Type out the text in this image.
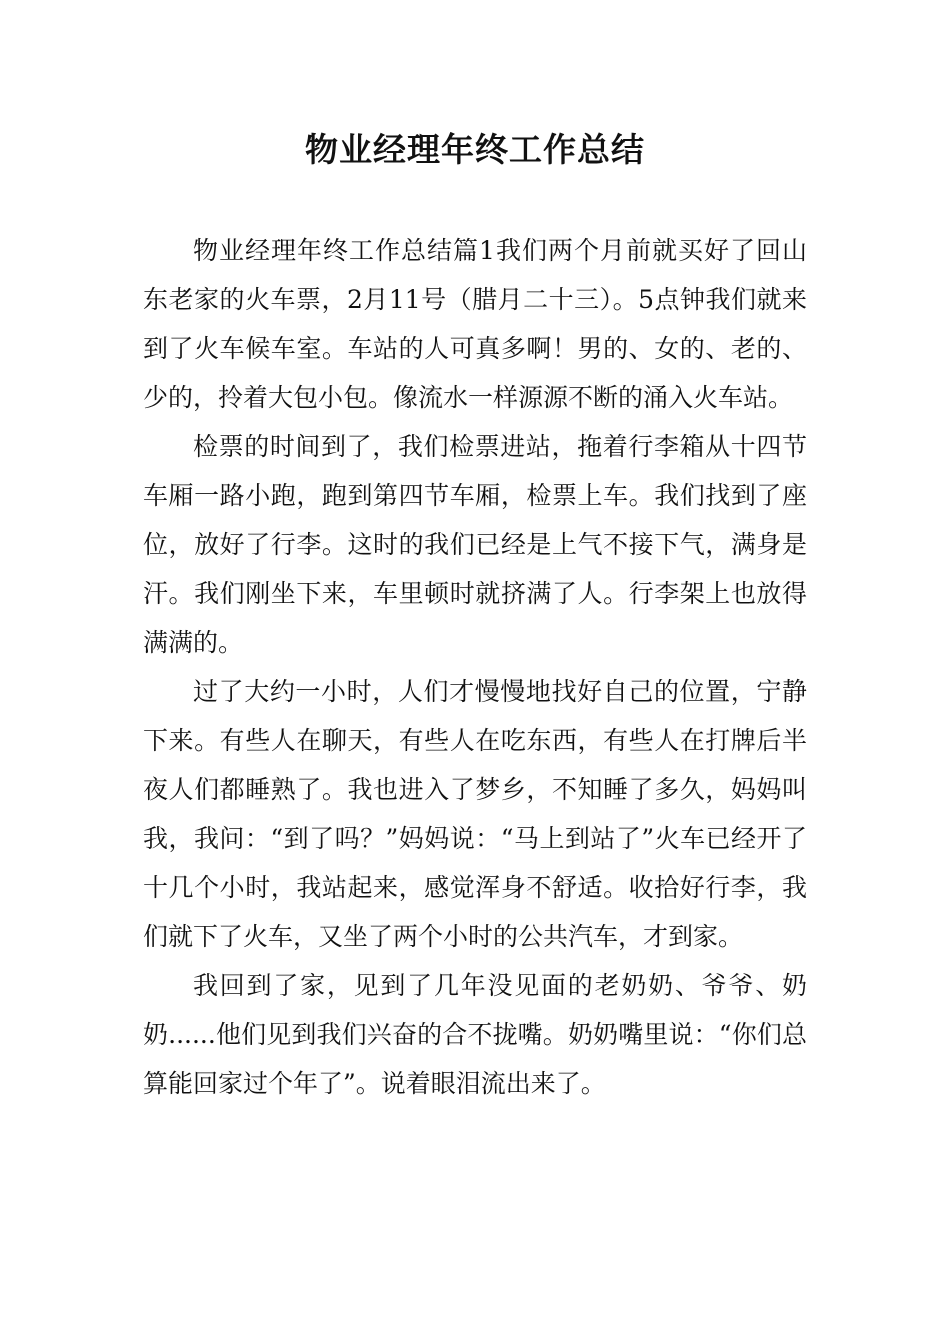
物业经理年终工作总结

物业经理年终工作总结篇1我们两个月前就买好了回山东老家的火车票，2月11号（腊月二十三）。5点钟我们就来到了火车候车室。车站的人可真多啊！男的、女的、老的、少的，拎着大包小包。像流水一样源源不断的涌入火车站。

检票的时间到了，我们检票进站，拖着行李箱从十四节车厢一路小跑，跑到第四节车厢，检票上车。我们找到了座位，放好了行李。这时的我们已经是上气不接下气，满身是汗。我们刚坐下来，车里顿时就挤满了人。行李架上也放得满满的。

过了大约一小时，人们才慢慢地找好自己的位置，宁静下来。有些人在聊天，有些人在吃东西，有些人在打牌后半夜人们都睡熟了。我也进入了梦乡，不知睡了多久，妈妈叫我，我问：“到了吗？”妈妈说：“马上到站了”火车已经开了十几个小时，我站起来，感觉浑身不舒适。收拾好行李，我们就下了火车，又坐了两个小时的公共汽车，才到家。

我回到了家，见到了几年没见面的老奶奶、爷爷、奶奶......他们见到我们兴奋的合不拢嘴。奶奶嘴里说：“你们总算能回家过个年了”。说着眼泪流出来了。
